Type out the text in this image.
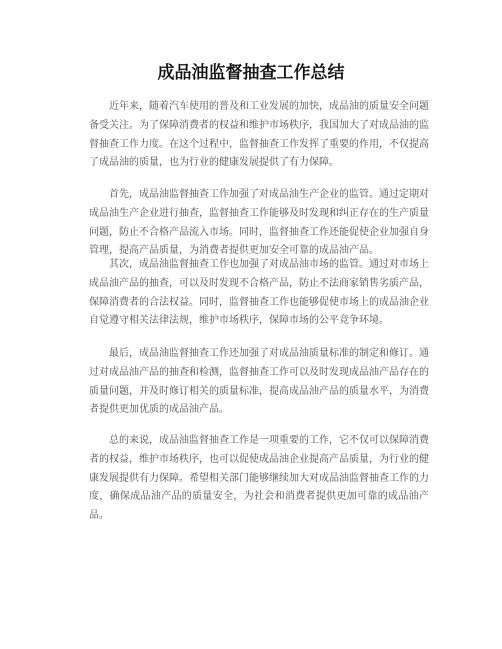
成品油监督抽查工作总结

近年来，随着汽车使用的普及和工业发展的加快，成品油的质量安全问题备受关注。为了保障消费者的权益和维护市场秩序，我国加大了对成品油的监督抽查工作力度。在这个过程中，监督抽查工作发挥了重要的作用，不仅提高了成品油的质量，也为行业的健康发展提供了有力保障。

首先，成品油监督抽查工作加强了对成品油生产企业的监管。通过定期对成品油生产企业进行抽查，监督抽查工作能够及时发现和纠正存在的生产质量问题，防止不合格产品流入市场。同时，监督抽查工作还能促使企业加强自身管理，提高产品质量，为消费者提供更加安全可靠的成品油产品。

其次，成品油监督抽查工作也加强了对成品油市场的监管。通过对市场上成品油产品的抽查，可以及时发现不合格产品，防止不法商家销售劣质产品，保障消费者的合法权益。同时，监督抽查工作也能够促使市场上的成品油企业自觉遵守相关法律法规，维护市场秩序，保障市场的公平竞争环境。

最后，成品油监督抽查工作还加强了对成品油质量标准的制定和修订。通过对成品油产品的抽查和检测，监督抽查工作可以及时发现成品油产品存在的质量问题，并及时修订相关的质量标准，提高成品油产品的质量水平，为消费者提供更加优质的成品油产品。

总的来说，成品油监督抽查工作是一项重要的工作，它不仅可以保障消费者的权益，维护市场秩序，也可以促使成品油企业提高产品质量，为行业的健康发展提供有力保障。希望相关部门能够继续加大对成品油监督抽查工作的力度，确保成品油产品的质量安全，为社会和消费者提供更加可靠的成品油产品。
